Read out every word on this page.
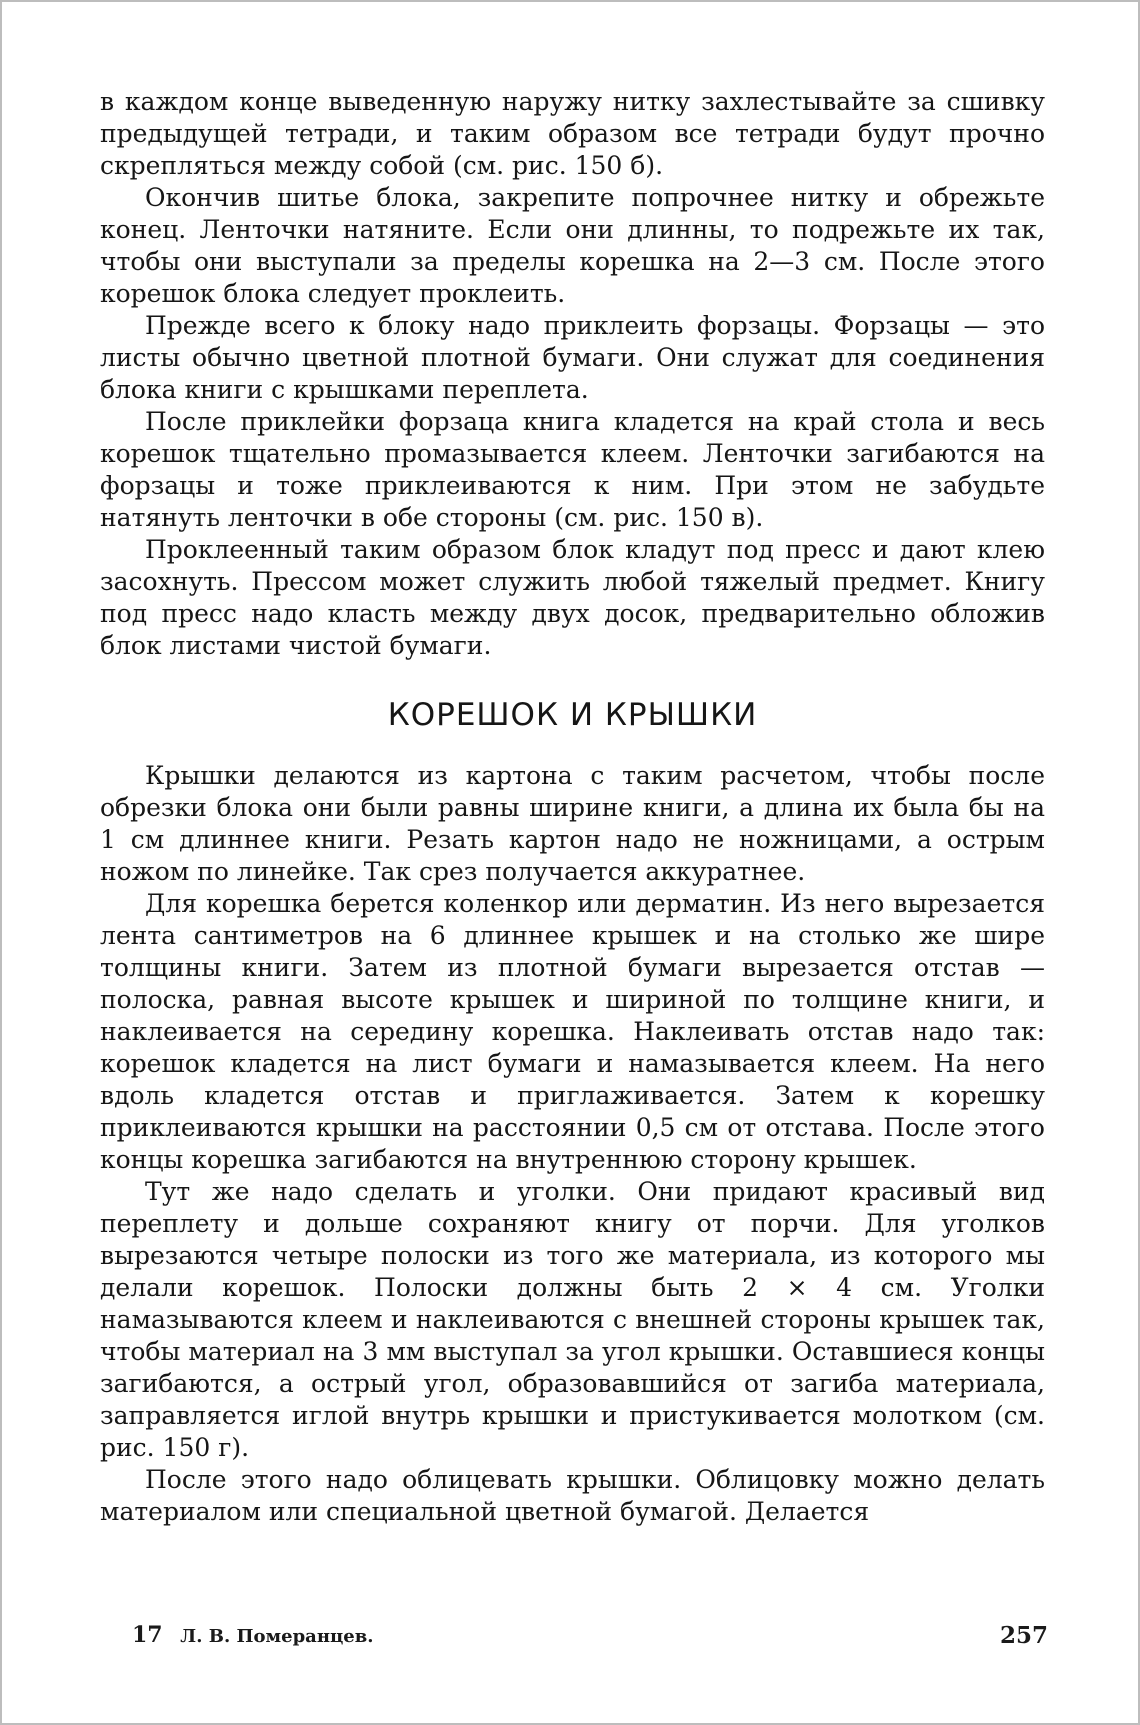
в каждом конце выведенную наружу нитку захлестывайте за сшивку предыдущей тетради, и таким образом все тетради будут прочно скрепляться между собой (см. рис. 150 б).

Окончив шитье блока, закрепите попрочнее нитку и обрежьте конец. Ленточки натяните. Если они длинны, то подрежьте их так, чтобы они выступали за пределы корешка на 2—3 см. После этого корешок блока следует проклеить.

Прежде всего к блоку надо приклеить форзацы. Форзацы — это листы обычно цветной плотной бумаги. Они служат для соединения блока книги с крышками переплета.

После приклейки форзаца книга кладется на край стола и весь корешок тщательно промазывается клеем. Ленточки загибаются на форзацы и тоже приклеиваются к ним. При этом не забудьте натянуть ленточки в обе стороны (см. рис. 150 в).

Проклеенный таким образом блок кладут под пресс и дают клею засохнуть. Прессом может служить любой тяжелый предмет. Книгу под пресс надо класть между двух досок, предварительно обложив блок листами чистой бумаги.

КОРЕШОК И КРЫШКИ

Крышки делаются из картона с таким расчетом, чтобы после обрезки блока они были равны ширине книги, а длина их была бы на 1 см длиннее книги. Резать картон надо не ножницами, а острым ножом по линейке. Так срез получается аккуратнее.

Для корешка берется коленкор или дерматин. Из него вырезается лента сантиметров на 6 длиннее крышек и на столько же шире толщины книги. Затем из плотной бумаги вырезается отстав — полоска, равная высоте крышек и шириной по толщине книги, и наклеивается на середину корешка. Наклеивать отстав надо так: корешок кладется на лист бумаги и намазывается клеем. На него вдоль кладется отстав и приглаживается. Затем к корешку приклеиваются крышки на расстоянии 0,5 см от отстава. После этого концы корешка загибаются на внутреннюю сторону крышек.

Тут же надо сделать и уголки. Они придают красивый вид переплету и дольше сохраняют книгу от порчи. Для уголков вырезаются четыре полоски из того же материала, из которого мы делали корешок. Полоски должны быть 2 × 4 см. Уголки намазываются клеем и наклеиваются с внешней стороны крышек так, чтобы материал на 3 мм выступал за угол крышки. Оставшиеся концы загибаются, а острый угол, образовавшийся от загиба материала, заправляется иглой внутрь крышки и пристукивается молотком (см. рис. 150 г).

После этого надо облицевать крышки. Облицовку можно делать материалом или специальной цветной бумагой. Делается

17 Л. В. Померанцев.	257
